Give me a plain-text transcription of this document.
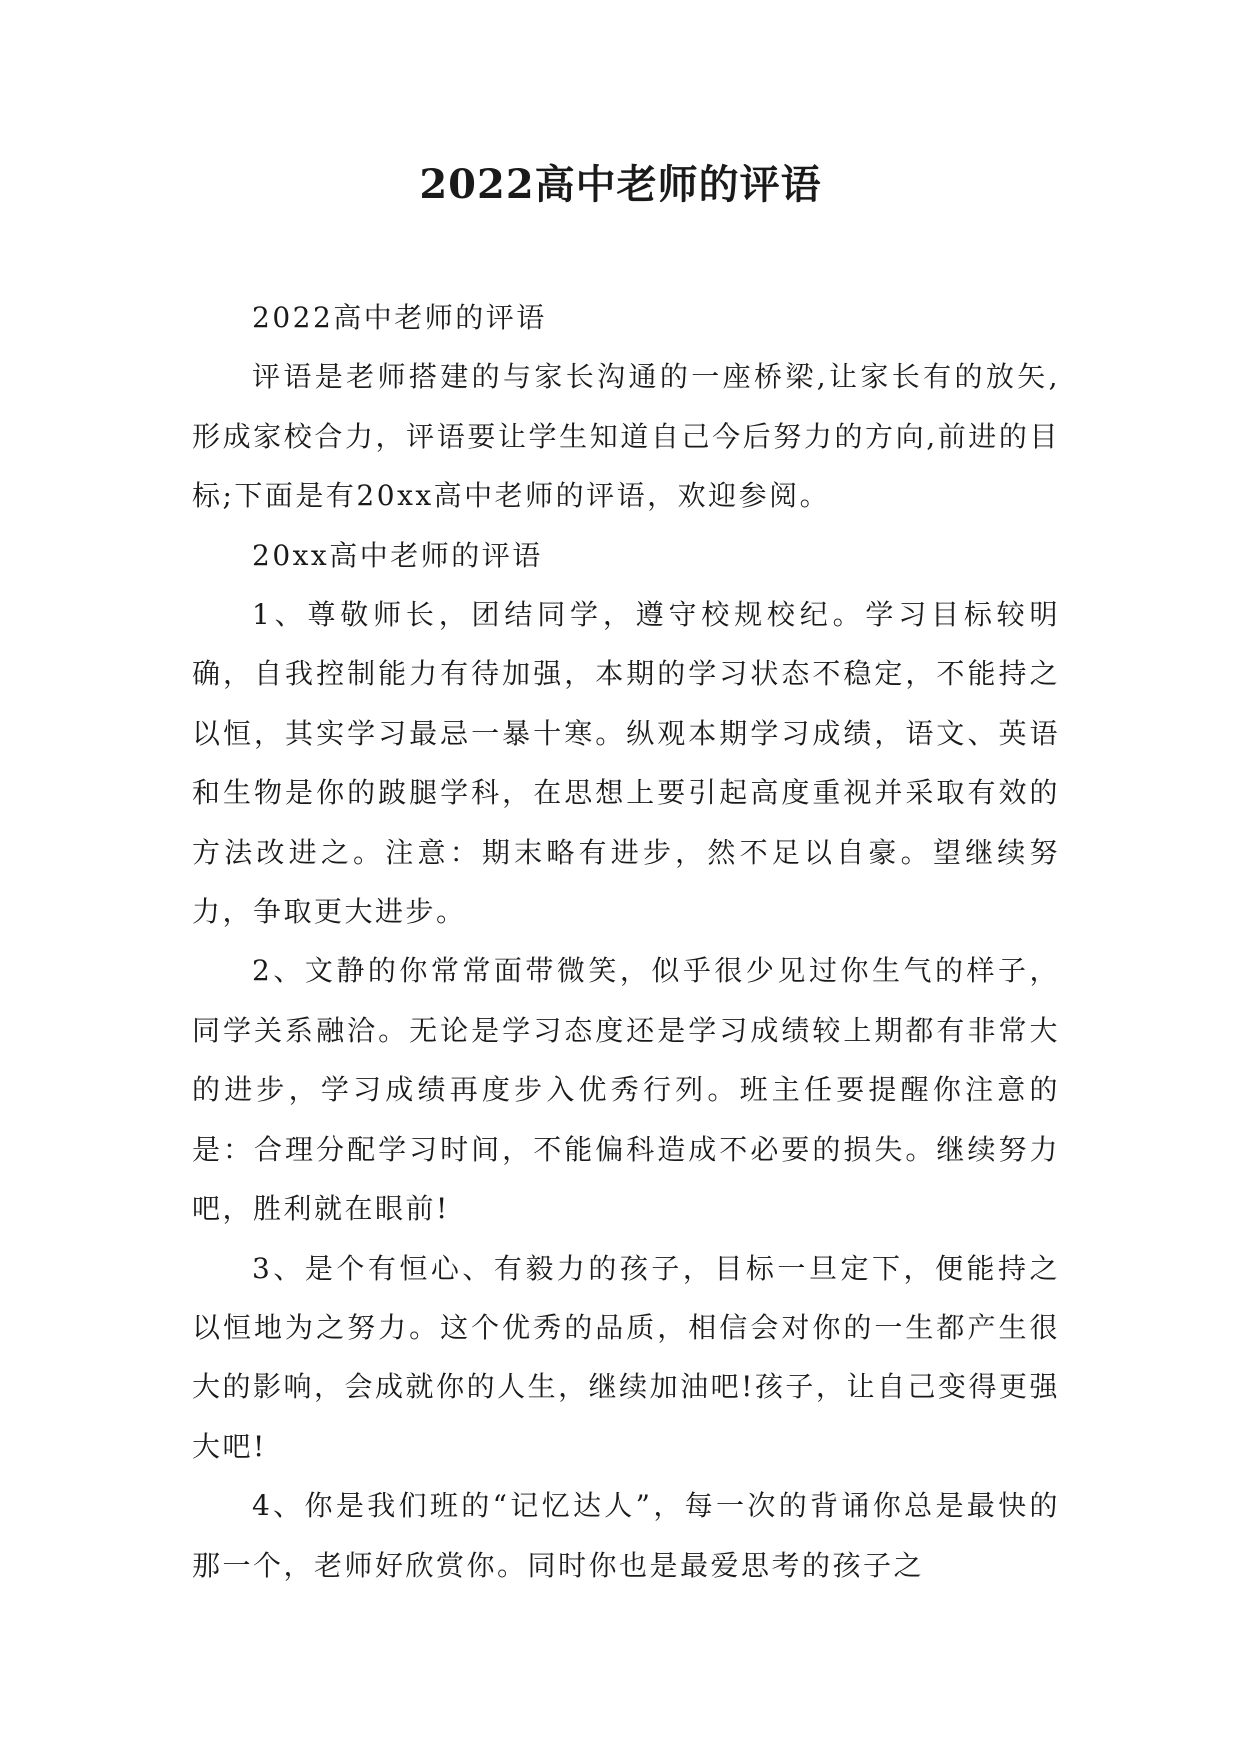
2022高中老师的评语

2022高中老师的评语

评语是老师搭建的与家长沟通的一座桥梁,让家长有的放矢,形成家校合力，评语要让学生知道自己今后努力的方向,前进的目标;下面是有20xx高中老师的评语，欢迎参阅。

20xx高中老师的评语

1、尊敬师长，团结同学，遵守校规校纪。学习目标较明确，自我控制能力有待加强，本期的学习状态不稳定，不能持之以恒，其实学习最忌一暴十寒。纵观本期学习成绩，语文、英语和生物是你的跛腿学科，在思想上要引起高度重视并采取有效的方法改进之。注意：期末略有进步，然不足以自豪。望继续努力，争取更大进步。

2、文静的你常常面带微笑，似乎很少见过你生气的样子，同学关系融洽。无论是学习态度还是学习成绩较上期都有非常大的进步，学习成绩再度步入优秀行列。班主任要提醒你注意的是：合理分配学习时间，不能偏科造成不必要的损失。继续努力吧，胜利就在眼前!

3、是个有恒心、有毅力的孩子，目标一旦定下，便能持之以恒地为之努力。这个优秀的品质，相信会对你的一生都产生很大的影响，会成就你的人生，继续加油吧!孩子，让自己变得更强大吧!

4、你是我们班的“记忆达人”，每一次的背诵你总是最快的那一个，老师好欣赏你。同时你也是最爱思考的孩子之
